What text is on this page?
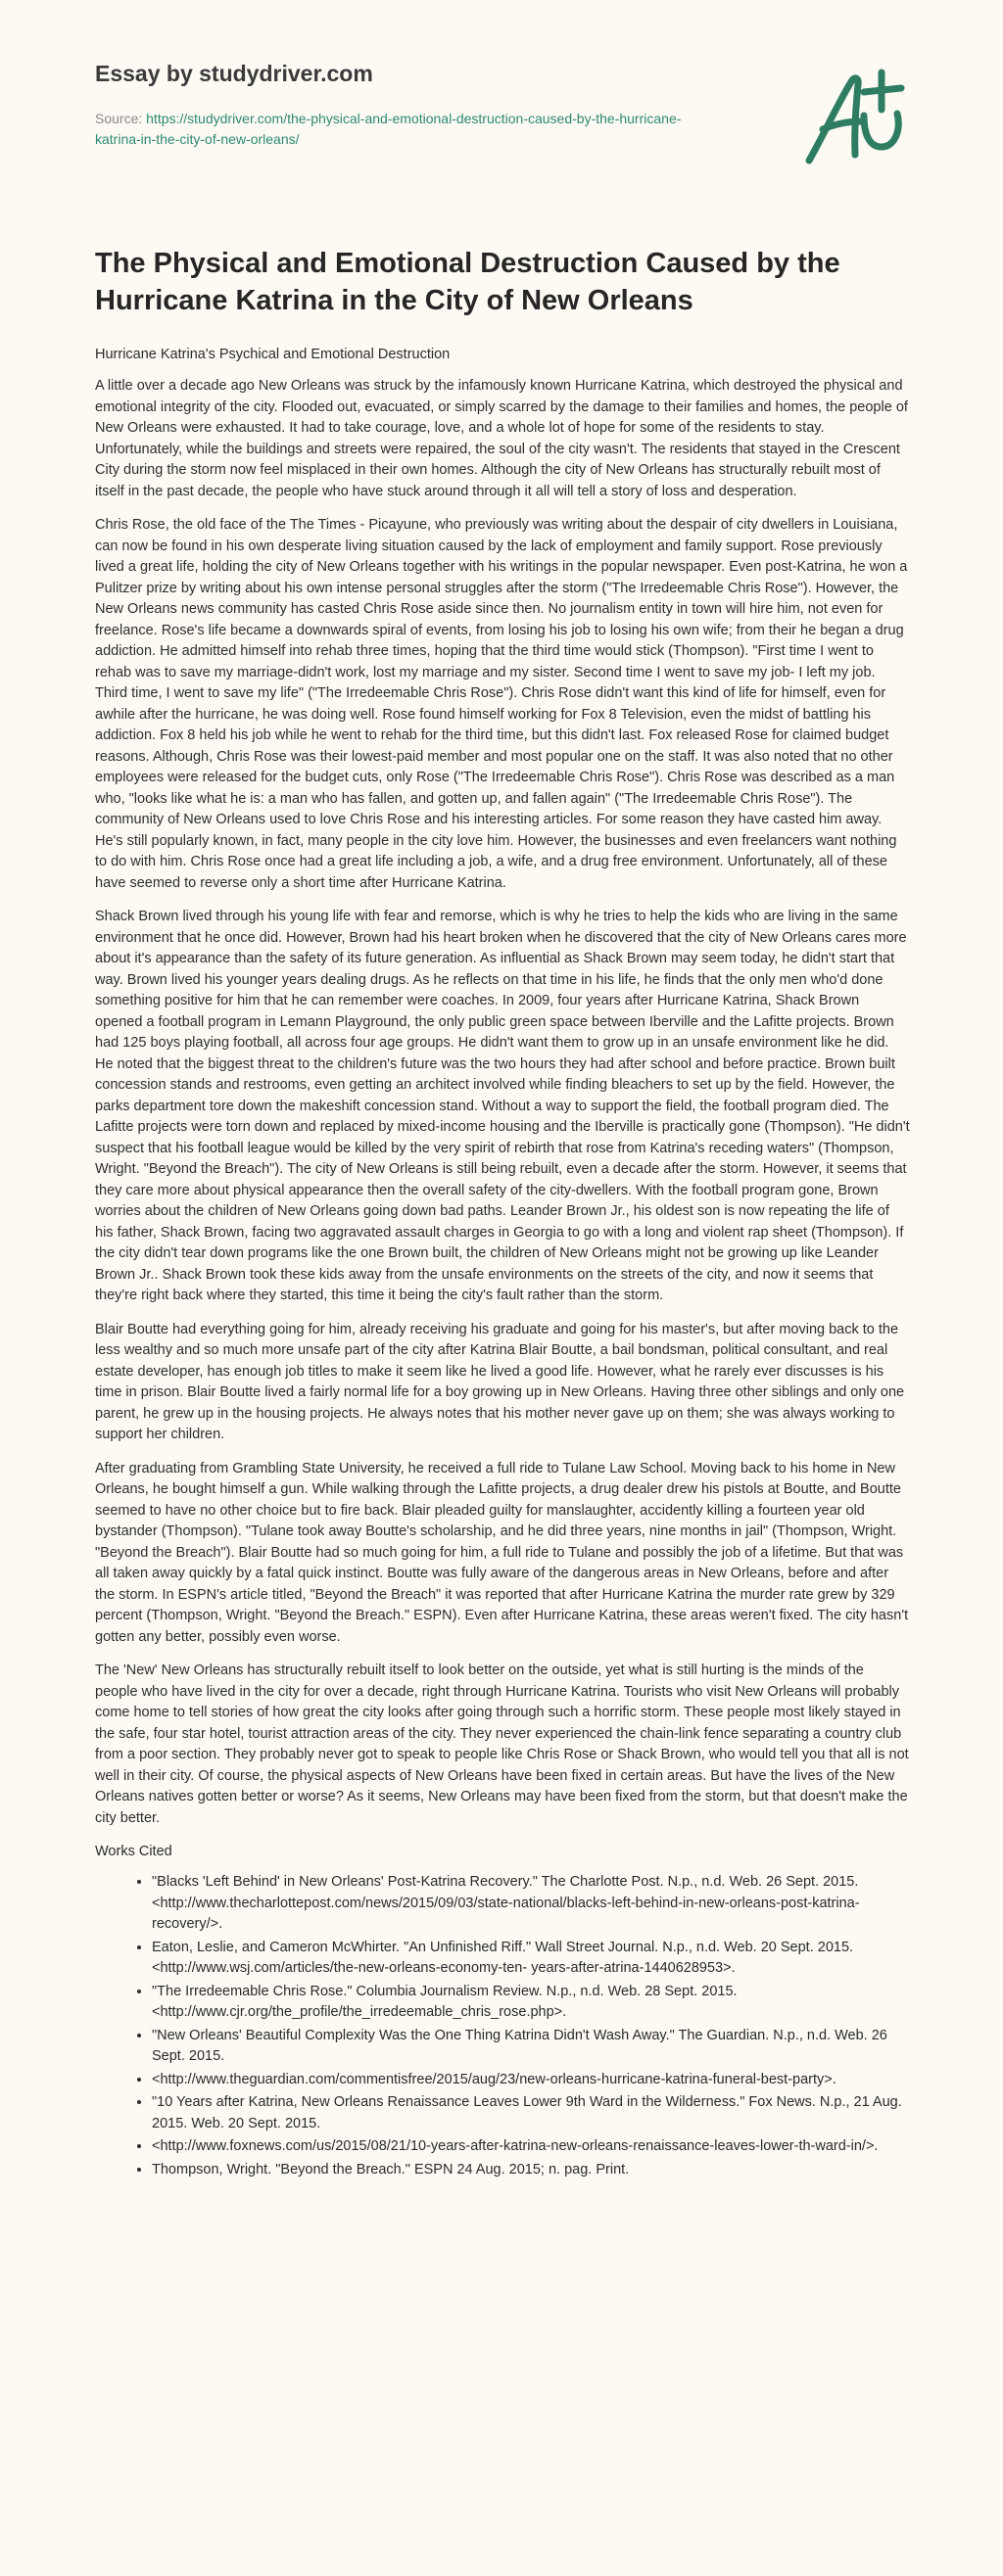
Essay by studydriver.com
Source: https://studydriver.com/the-physical-and-emotional-destruction-caused-by-the-hurricane-katrina-in-the-city-of-new-orleans/
The Physical and Emotional Destruction Caused by the Hurricane Katrina in the City of New Orleans
Hurricane Katrina's Psychical and Emotional Destruction

A little over a decade ago New Orleans was struck by the infamously known Hurricane Katrina, which destroyed the physical and emotional integrity of the city. Flooded out, evacuated, or simply scarred by the damage to their families and homes, the people of New Orleans were exhausted. It had to take courage, love, and a whole lot of hope for some of the residents to stay. Unfortunately, while the buildings and streets were repaired, the soul of the city wasn't. The residents that stayed in the Crescent City during the storm now feel misplaced in their own homes. Although the city of New Orleans has structurally rebuilt most of itself in the past decade, the people who have stuck around through it all will tell a story of loss and desperation.

Chris Rose, the old face of the The Times - Picayune, who previously was writing about the despair of city dwellers in Louisiana, can now be found in his own desperate living situation caused by the lack of employment and family support. Rose previously lived a great life, holding the city of New Orleans together with his writings in the popular newspaper. Even post-Katrina, he won a Pulitzer prize by writing about his own intense personal struggles after the storm ("The Irredeemable Chris Rose"). However, the New Orleans news community has casted Chris Rose aside since then. No journalism entity in town will hire him, not even for freelance. Rose's life became a downwards spiral of events, from losing his job to losing his own wife; from their he began a drug addiction. He admitted himself into rehab three times, hoping that the third time would stick (Thompson). "First time I went to rehab was to save my marriage-didn't work, lost my marriage and my sister. Second time I went to save my job- I left my job. Third time, I went to save my life" ("The Irredeemable Chris Rose"). Chris Rose didn't want this kind of life for himself, even for awhile after the hurricane, he was doing well. Rose found himself working for Fox 8 Television, even the midst of battling his addiction. Fox 8 held his job while he went to rehab for the third time, but this didn't last. Fox released Rose for claimed budget reasons. Although, Chris Rose was their lowest-paid member and most popular one on the staff. It was also noted that no other employees were released for the budget cuts, only Rose ("The Irredeemable Chris Rose"). Chris Rose was described as a man who, "looks like what he is: a man who has fallen, and gotten up, and fallen again" ("The Irredeemable Chris Rose"). The community of New Orleans used to love Chris Rose and his interesting articles. For some reason they have casted him away. He's still popularly known, in fact, many people in the city love him. However, the businesses and even freelancers want nothing to do with him. Chris Rose once had a great life including a job, a wife, and a drug free environment. Unfortunately, all of these have seemed to reverse only a short time after Hurricane Katrina.

Shack Brown lived through his young life with fear and remorse, which is why he tries to help the kids who are living in the same environment that he once did. However, Brown had his heart broken when he discovered that the city of New Orleans cares more about it's appearance than the safety of its future generation. As influential as Shack Brown may seem today, he didn't start that way. Brown lived his younger years dealing drugs. As he reflects on that time in his life, he finds that the only men who'd done something positive for him that he can remember were coaches. In 2009, four years after Hurricane Katrina, Shack Brown opened a football program in Lemann Playground, the only public green space between Iberville and the Lafitte projects. Brown had 125 boys playing football, all across four age groups. He didn't want them to grow up in an unsafe environment like he did. He noted that the biggest threat to the children's future was the two hours they had after school and before practice. Brown built concession stands and restrooms, even getting an architect involved while finding bleachers to set up by the field. However, the parks department tore down the makeshift concession stand. Without a way to support the field, the football program died. The Lafitte projects were torn down and replaced by mixed-income housing and the Iberville is practically gone (Thompson). "He didn't suspect that his football league would be killed by the very spirit of rebirth that rose from Katrina's receding waters" (Thompson, Wright. "Beyond the Breach"). The city of New Orleans is still being rebuilt, even a decade after the storm. However, it seems that they care more about physical appearance then the overall safety of the city-dwellers. With the football program gone, Brown worries about the children of New Orleans going down bad paths. Leander Brown Jr., his oldest son is now repeating the life of his father, Shack Brown, facing two aggravated assault charges in Georgia to go with a long and violent rap sheet (Thompson). If the city didn't tear down programs like the one Brown built, the children of New Orleans might not be growing up like Leander Brown Jr.. Shack Brown took these kids away from the unsafe environments on the streets of the city, and now it seems that they're right back where they started, this time it being the city's fault rather than the storm.

Blair Boutte had everything going for him, already receiving his graduate and going for his master's, but after moving back to the less wealthy and so much more unsafe part of the city after Katrina Blair Boutte, a bail bondsman, political consultant, and real estate developer, has enough job titles to make it seem like he lived a good life. However, what he rarely ever discusses is his time in prison. Blair Boutte lived a fairly normal life for a boy growing up in New Orleans. Having three other siblings and only one parent, he grew up in the housing projects. He always notes that his mother never gave up on them; she was always working to support her children.

After graduating from Grambling State University, he received a full ride to Tulane Law School. Moving back to his home in New Orleans, he bought himself a gun. While walking through the Lafitte projects, a drug dealer drew his pistols at Boutte, and Boutte seemed to have no other choice but to fire back. Blair pleaded guilty for manslaughter, accidently killing a fourteen year old bystander (Thompson). "Tulane took away Boutte's scholarship, and he did three years, nine months in jail" (Thompson, Wright. "Beyond the Breach"). Blair Boutte had so much going for him, a full ride to Tulane and possibly the job of a lifetime. But that was all taken away quickly by a fatal quick instinct. Boutte was fully aware of the dangerous areas in New Orleans, before and after the storm. In ESPN's article titled, "Beyond the Breach" it was reported that after Hurricane Katrina the murder rate grew by 329 percent (Thompson, Wright. "Beyond the Breach." ESPN). Even after Hurricane Katrina, these areas weren't fixed. The city hasn't gotten any better, possibly even worse.

The 'New' New Orleans has structurally rebuilt itself to look better on the outside, yet what is still hurting is the minds of the people who have lived in the city for over a decade, right through Hurricane Katrina. Tourists who visit New Orleans will probably come home to tell stories of how great the city looks after going through such a horrific storm. These people most likely stayed in the safe, four star hotel, tourist attraction areas of the city. They never experienced the chain-link fence separating a country club from a poor section. They probably never got to speak to people like Chris Rose or Shack Brown, who would tell you that all is not well in their city. Of course, the physical aspects of New Orleans have been fixed in certain areas. But have the lives of the New Orleans natives gotten better or worse? As it seems, New Orleans may have been fixed from the storm, but that doesn't make the city better.

Works Cited
• "Blacks 'Left Behind' in New Orleans' Post-Katrina Recovery." The Charlotte Post. N.p., n.d. Web. 26 Sept. 2015. <http://www.thecharlottepost.com/news/2015/09/03/state-national/blacks-left-behind-in-new-orleans-post-katrina-recovery/>.
• Eaton, Leslie, and Cameron McWhirter. "An Unfinished Riff." Wall Street Journal. N.p., n.d. Web. 20 Sept. 2015. <http://www.wsj.com/articles/the-new-orleans-economy-ten- years-after-atrina-1440628953>.
• "The Irredeemable Chris Rose." Columbia Journalism Review. N.p., n.d. Web. 28 Sept. 2015. <http://www.cjr.org/the_profile/the_irredeemable_chris_rose.php>.
• "New Orleans' Beautiful Complexity Was the One Thing Katrina Didn't Wash Away." The Guardian. N.p., n.d. Web. 26 Sept. 2015.
• <http://www.theguardian.com/commentisfree/2015/aug/23/new-orleans-hurricane-katrina-funeral-best-party>.
• "10 Years after Katrina, New Orleans Renaissance Leaves Lower 9th Ward in the Wilderness." Fox News. N.p., 21 Aug. 2015. Web. 20 Sept. 2015.
• <http://www.foxnews.com/us/2015/08/21/10-years-after-katrina-new-orleans-renaissance-leaves-lower-th-ward-in/>.
• Thompson, Wright. "Beyond the Breach." ESPN 24 Aug. 2015; n. pag. Print.
